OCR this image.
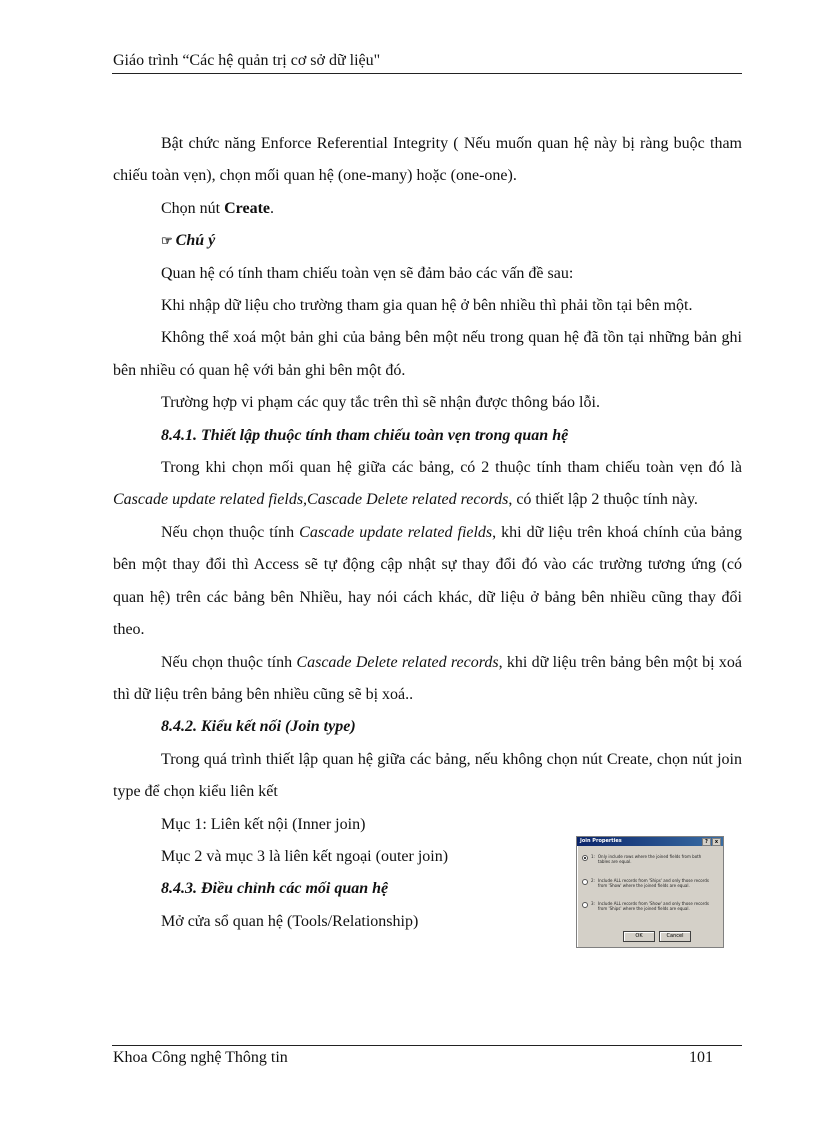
Giáo trình “Các hệ quản trị cơ sở dữ liệu"

Bật chức năng Enforce Referential Integrity ( Nếu muốn quan hệ này bị ràng buộc tham chiếu toàn vẹn), chọn mối quan hệ (one-many) hoặc (one-one).

Chọn nút Create.

☞ Chú ý

Quan hệ có tính tham chiếu toàn vẹn sẽ đảm bảo các vấn đề sau:

Khi nhập dữ liệu cho trường tham gia quan hệ ở bên nhiều thì phải tồn tại bên một.

Không thể xoá một bản ghi của bảng bên một nếu trong quan hệ đã tồn tại những bản ghi bên nhiều có quan hệ với bản ghi bên một đó.

Trường hợp vi phạm các quy tắc trên thì sẽ nhận được thông báo lỗi.

8.4.1. Thiết lập thuộc tính tham chiếu toàn vẹn trong quan hệ

Trong khi chọn mối quan hệ giữa các bảng, có 2 thuộc tính tham chiếu toàn vẹn đó là Cascade update related fields,Cascade Delete related records, có thiết lập 2 thuộc tính này.

Nếu chọn thuộc tính Cascade update related fields, khi dữ liệu trên khoá chính của bảng bên một thay đổi thì Access sẽ tự động cập nhật sự thay đổi đó vào các trường tương ứng (có quan hệ) trên các bảng bên Nhiều, hay nói cách khác, dữ liệu ở bảng bên nhiều cũng thay đổi theo.

Nếu chọn thuộc tính Cascade Delete related records, khi dữ liệu trên bảng bên một bị xoá thì dữ liệu trên bảng bên nhiều cũng sẽ bị xoá..

8.4.2. Kiểu kết nối (Join type)

Trong quá trình thiết lập quan hệ giữa các bảng, nếu không chọn nút Create, chọn nút join type để chọn kiểu liên kết

Mục 1: Liên kết nội (Inner join)

Mục 2 và mục 3 là liên kết ngoại (outer join)

8.4.3. Điều chỉnh các mối quan hệ

Mở cửa sổ quan hệ (Tools/Relationship)

Join Properties	?	x
1: Only include rows where the joined fields from both tables are equal.
2: Include ALL records from 'Ships' and only those records from 'Show' where the joined fields are equal.
3: Include ALL records from 'Show' and only those records from 'Ships' where the joined fields are equal.
OK	Cancel
Khoa Công nghệ Thông tin	101
